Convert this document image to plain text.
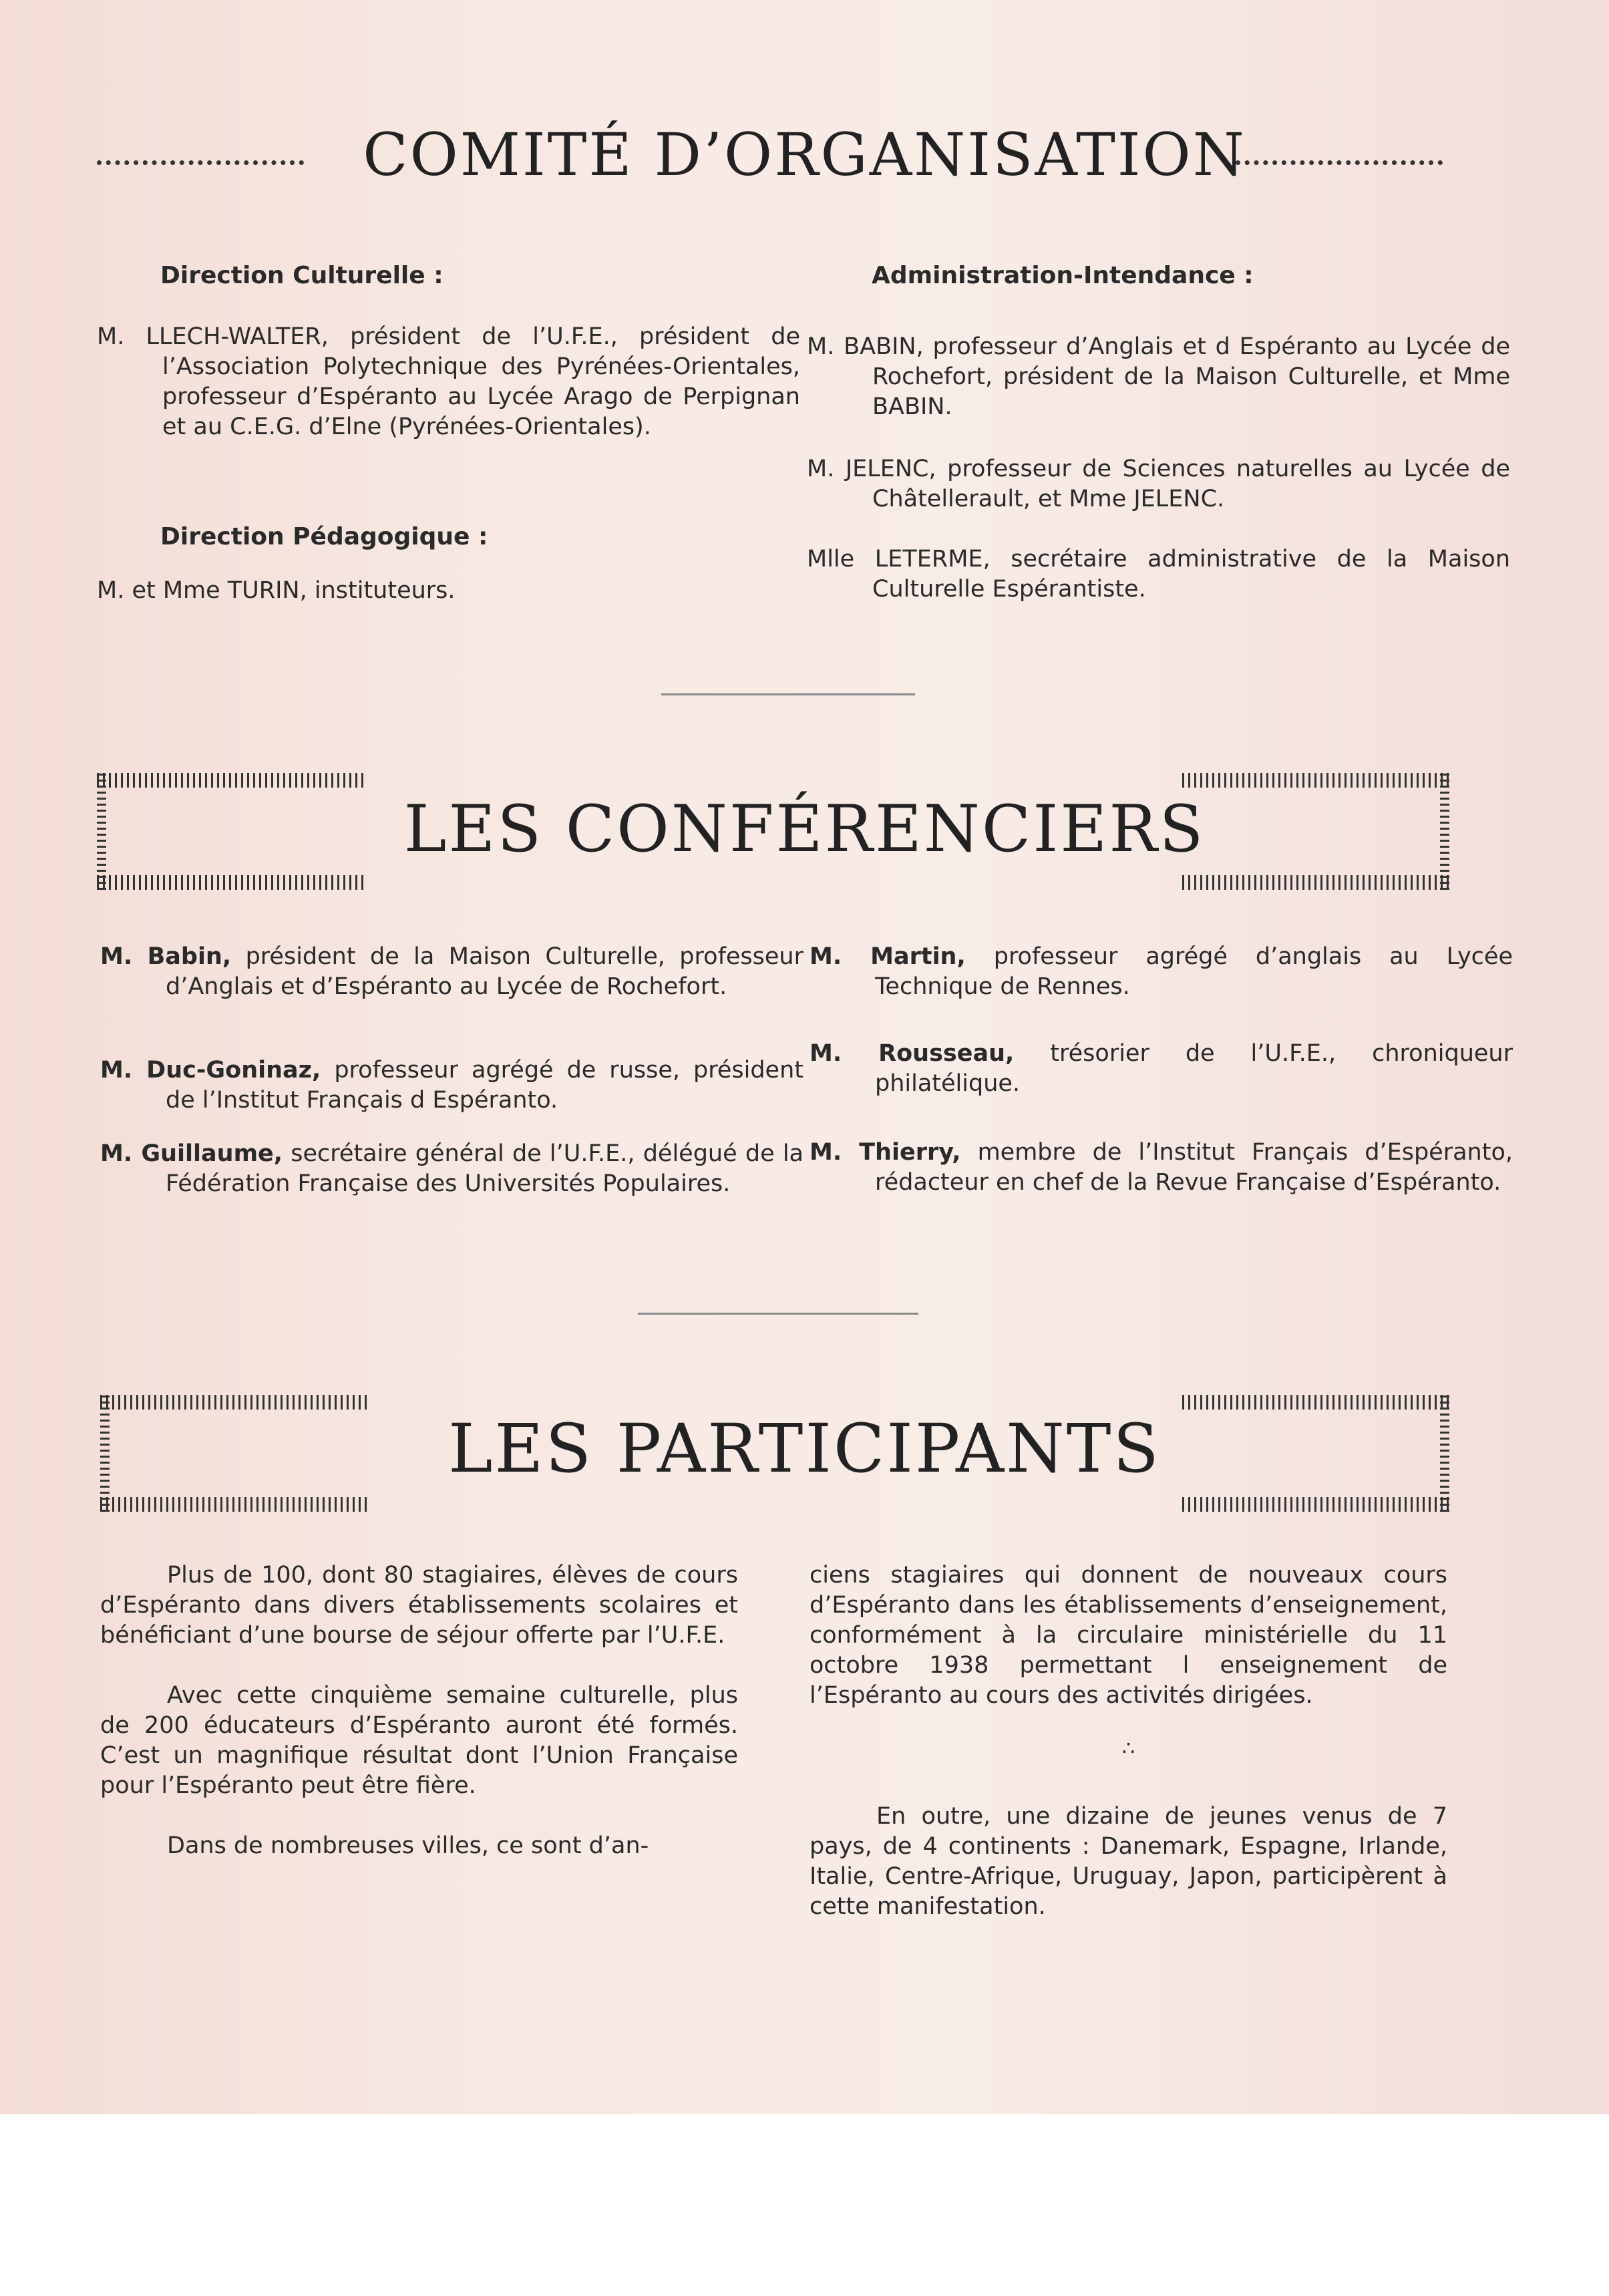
COMITÉ D’ORGANISATION
Direction Culturelle :
M. LLECH-WALTER, président de l’U.F.E., président de l’Association Polytechnique des Pyrénées-Orientales, professeur d’Espéranto au Lycée Arago de Perpignan et au C.E.G. d’Elne (Pyrénées-Orientales).
Direction Pédagogique :
M. et Mme TURIN, instituteurs.
Administration-Intendance :
M. BABIN, professeur d’Anglais et d Espéranto au Lycée de Rochefort, président de la Maison Culturelle, et Mme BABIN.
M. JELENC, professeur de Sciences naturelles au Lycée de Châtellerault, et Mme JELENC.
Mlle LETERME, secrétaire administrative de la Maison Culturelle Espérantiste.
LES CONFÉRENCIERS
M. Babin, président de la Maison Culturelle, professeur d’Anglais et d’Espéranto au Lycée de Rochefort.
M. Duc-Goninaz, professeur agrégé de russe, président de l’Institut Français d Espéranto.
M. Guillaume, secrétaire général de l’U.F.E., délégué de la Fédération Française des Universités Populaires.
M. Martin, professeur agrégé d’anglais au Lycée Technique de Rennes.
M. Rousseau, trésorier de l’U.F.E., chroniqueur philatélique.
M. Thierry, membre de l’Institut Français d’Espéranto, rédacteur en chef de la Revue Française d’Espéranto.
LES PARTICIPANTS

Plus de 100, dont 80 stagiaires, élèves de cours d’Espéranto dans divers établissements scolaires et bénéficiant d’une bourse de séjour offerte par l’U.F.E.

Avec cette cinquième semaine culturelle, plus de 200 éducateurs d’Espéranto auront été formés. C’est un magnifique résultat dont l’Union Française pour l’Espéranto peut être fière.

Dans de nombreuses villes, ce sont d’an-

ciens stagiaires qui donnent de nouveaux cours d’Espéranto dans les établissements d’enseignement, conformément à la circulaire ministérielle du 11 octobre 1938 permettant l enseignement de l’Espéranto au cours des activités dirigées.

∴

En outre, une dizaine de jeunes venus de 7 pays, de 4 continents : Danemark, Espagne, Irlande, Italie, Centre-Afrique, Uruguay, Japon, participèrent à cette manifestation.
